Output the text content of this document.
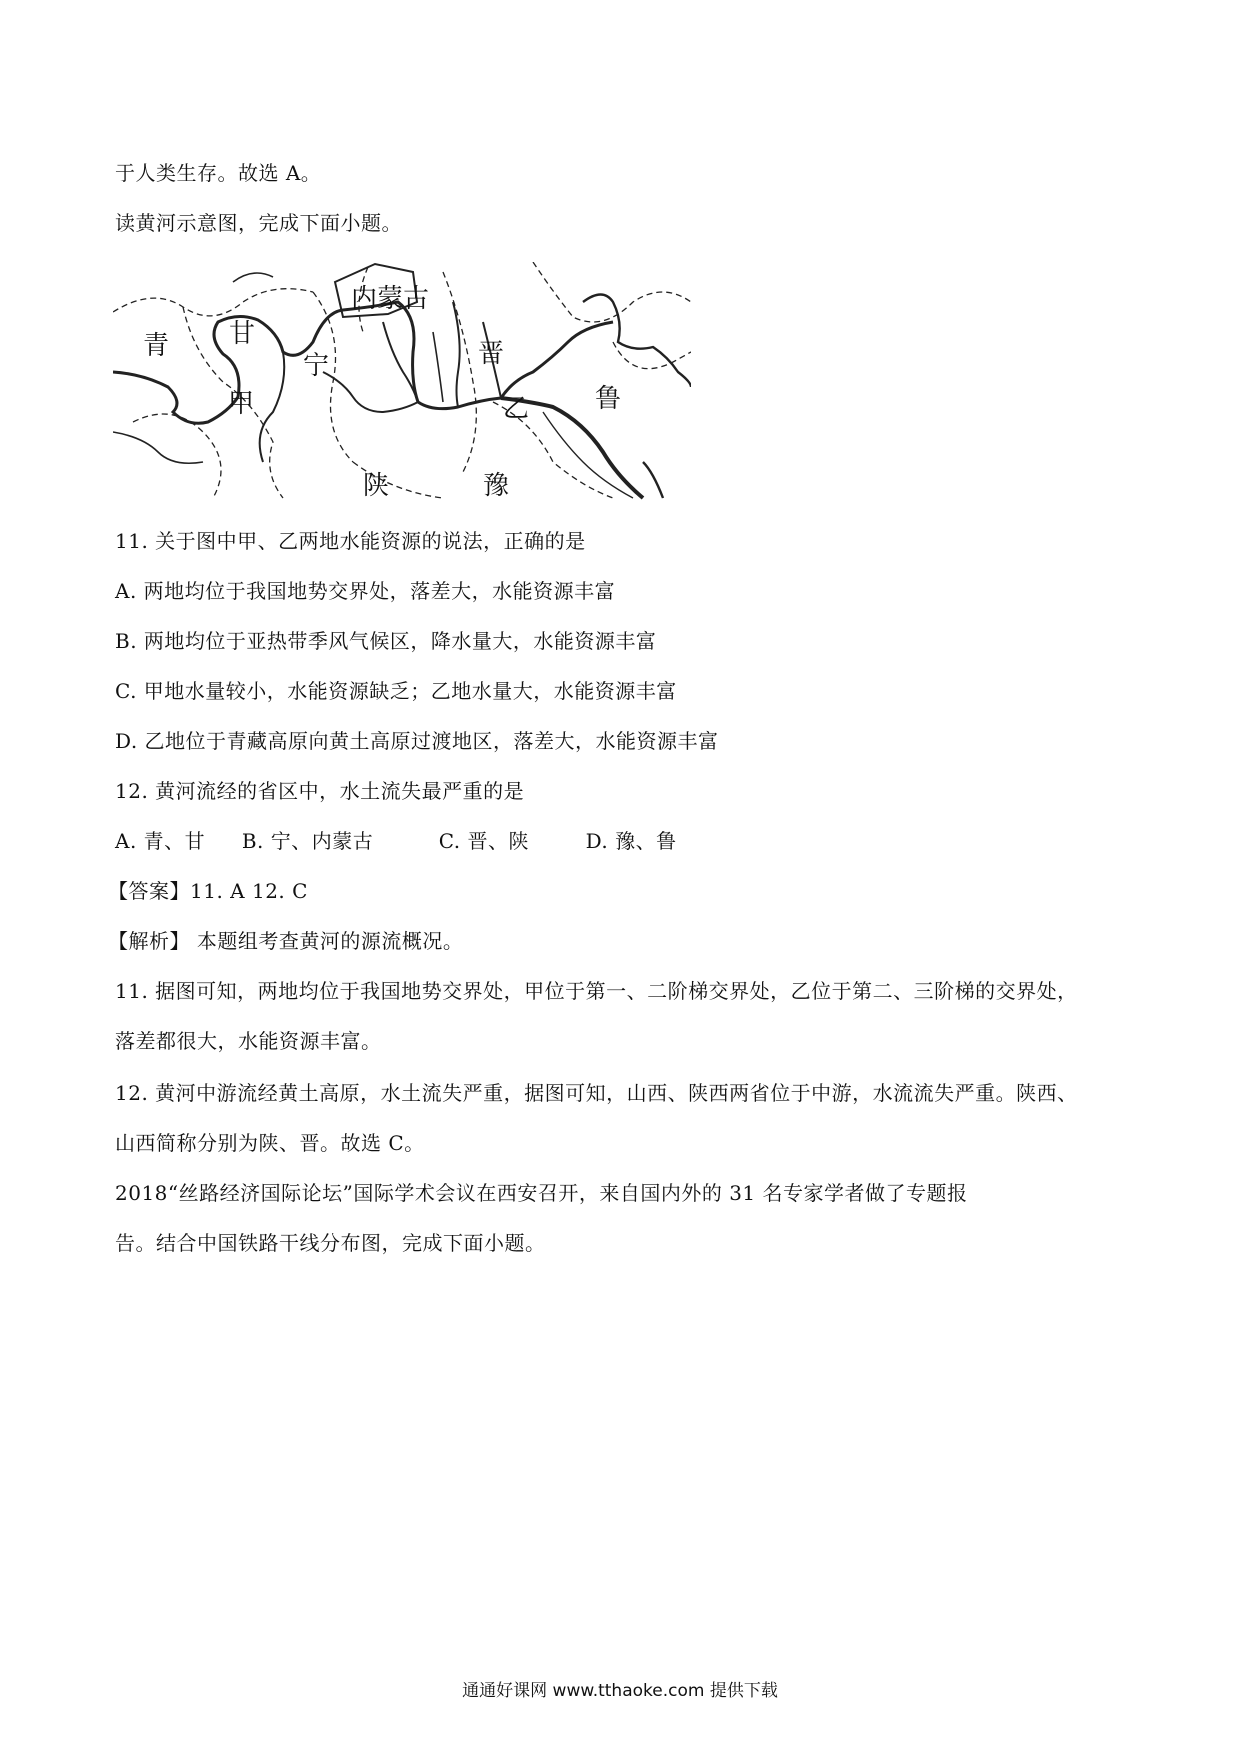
于人类生存。故选 A。

读黄河示意图，完成下面小题。

青 甘
内蒙古
宁
甲
晋
乙	鲁
陕	豫

11. 关于图中甲、乙两地水能资源的说法，正确的是

A. 两地均位于我国地势交界处，落差大，水能资源丰富

B. 两地均位于亚热带季风气候区，降水量大，水能资源丰富

C. 甲地水量较小，水能资源缺乏；乙地水量大，水能资源丰富

D. 乙地位于青藏高原向黄土高原过渡地区，落差大，水能资源丰富

12. 黄河流经的省区中，水土流失最严重的是

A. 青、甘 B. 宁、内蒙古	C. 晋、陕	D. 豫、鲁

【答案】11. A 12. C

【解析】 本题组考查黄河的源流概况。

11. 据图可知，两地均位于我国地势交界处，甲位于第一、二阶梯交界处，乙位于第二、三阶梯的交界处，

落差都很大，水能资源丰富。

12. 黄河中游流经黄土高原，水土流失严重，据图可知，山西、陕西两省位于中游，水流流失严重。陕西、

山西简称分别为陕、晋。故选 C。

2018“丝路经济国际论坛”国际学术会议在西安召开，来自国内外的 31 名专家学者做了专题报

告。结合中国铁路干线分布图，完成下面小题。

通通好课网 www.tthaoke.com 提供下载
